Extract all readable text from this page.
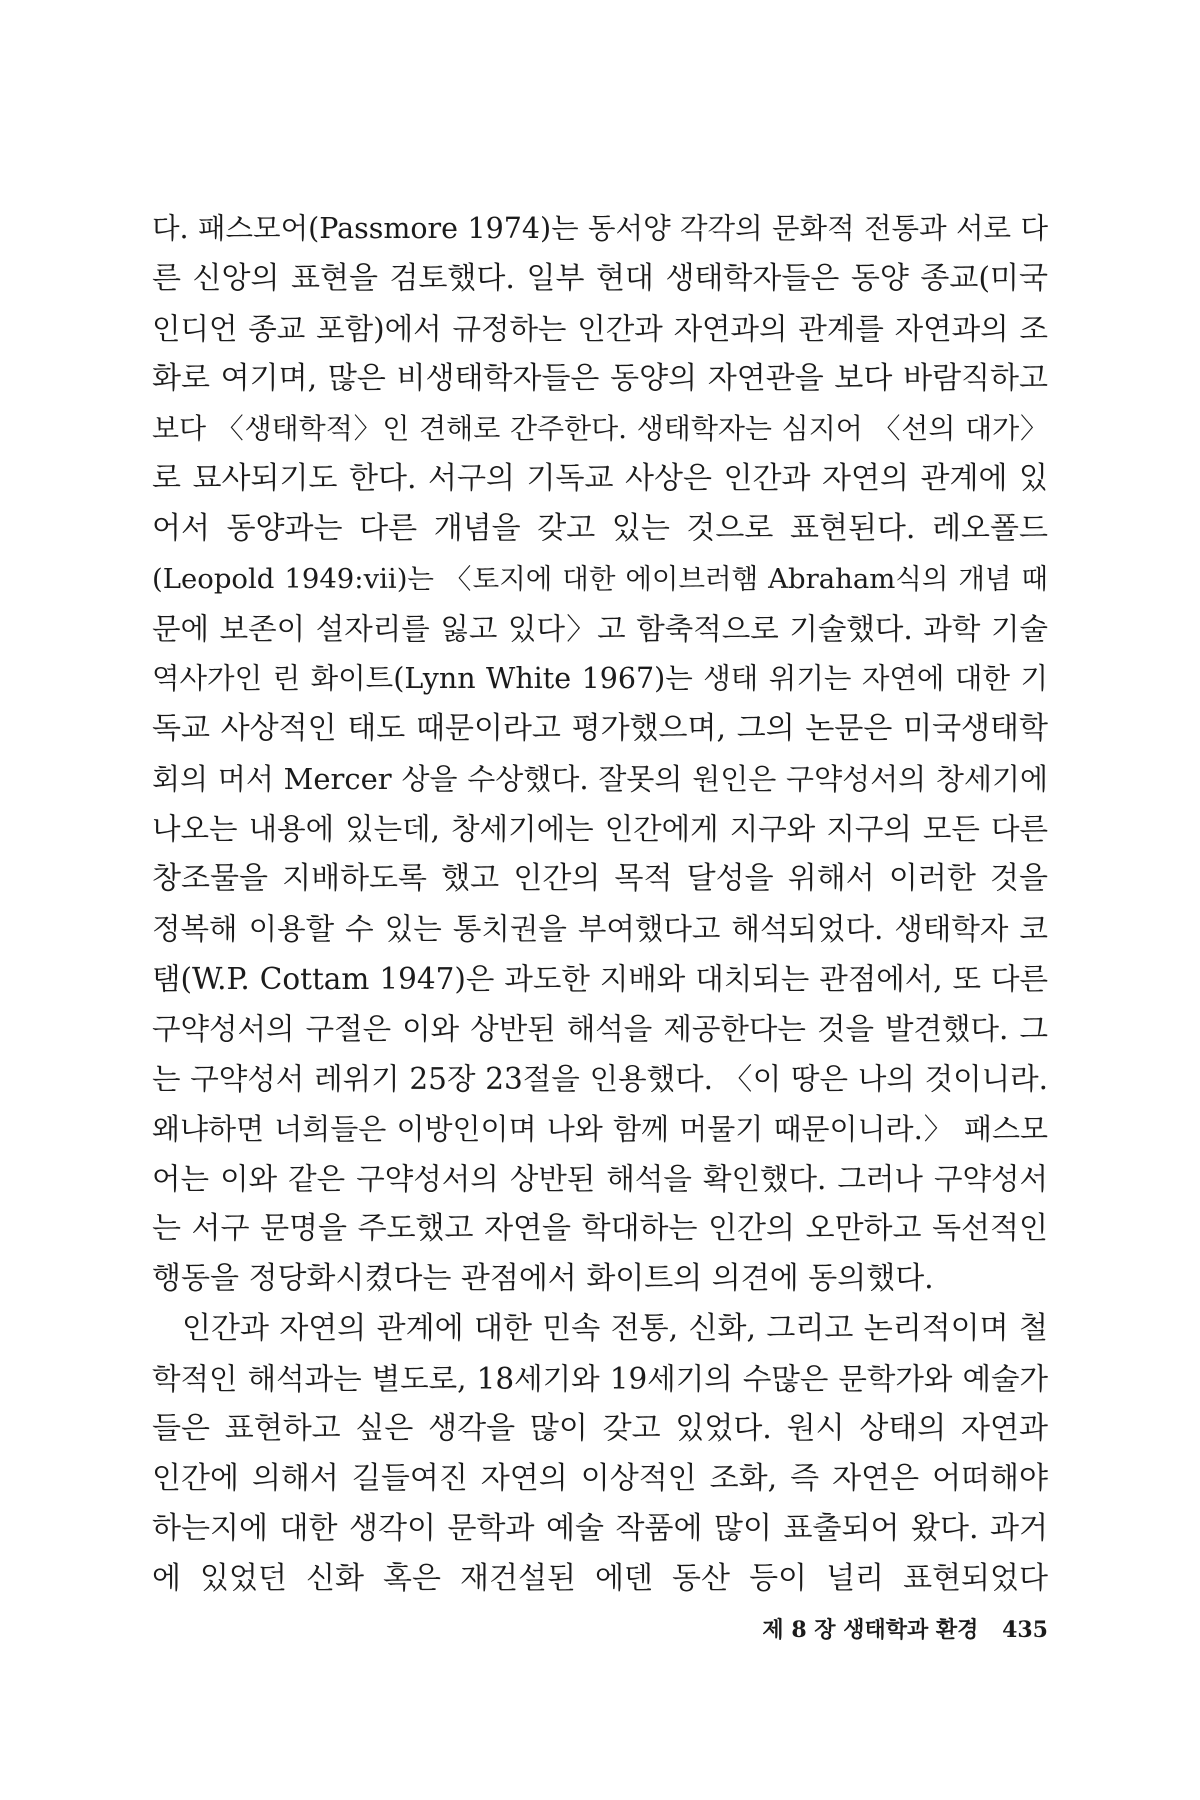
다. 패스모어(Passmore 1974)는 동서양 각각의 문화적 전통과 서로 다
른 신앙의 표현을 검토했다. 일부 현대 생태학자들은 동양 종교(미국
인디언 종교 포함)에서 규정하는 인간과 자연과의 관계를 자연과의 조
화로 여기며, 많은 비생태학자들은 동양의 자연관을 보다 바람직하고
보다 〈생태학적〉인 견해로 간주한다. 생태학자는 심지어 〈선의 대가〉
로 묘사되기도 한다. 서구의 기독교 사상은 인간과 자연의 관계에 있
어서 동양과는 다른 개념을 갖고 있는 것으로 표현된다. 레오폴드
(Leopold 1949:vii)는 〈토지에 대한 에이브러햄 Abraham식의 개념 때
문에 보존이 설자리를 잃고 있다〉고 함축적으로 기술했다. 과학 기술
역사가인 린 화이트(Lynn White 1967)는 생태 위기는 자연에 대한 기
독교 사상적인 태도 때문이라고 평가했으며, 그의 논문은 미국생태학
회의 머서 Mercer 상을 수상했다. 잘못의 원인은 구약성서의 창세기에
나오는 내용에 있는데, 창세기에는 인간에게 지구와 지구의 모든 다른
창조물을 지배하도록 했고 인간의 목적 달성을 위해서 이러한 것을
정복해 이용할 수 있는 통치권을 부여했다고 해석되었다. 생태학자 코
탬(W.P. Cottam 1947)은 과도한 지배와 대치되는 관점에서, 또 다른
구약성서의 구절은 이와 상반된 해석을 제공한다는 것을 발견했다. 그
는 구약성서 레위기 25장 23절을 인용했다. 〈이 땅은 나의 것이니라.
왜냐하면 너희들은 이방인이며 나와 함께 머물기 때문이니라.〉 패스모
어는 이와 같은 구약성서의 상반된 해석을 확인했다. 그러나 구약성서
는 서구 문명을 주도했고 자연을 학대하는 인간의 오만하고 독선적인
행동을 정당화시켰다는 관점에서 화이트의 의견에 동의했다.
인간과 자연의 관계에 대한 민속 전통, 신화, 그리고 논리적이며 철
학적인 해석과는 별도로, 18세기와 19세기의 수많은 문학가와 예술가
들은 표현하고 싶은 생각을 많이 갖고 있었다. 원시 상태의 자연과
인간에 의해서 길들여진 자연의 이상적인 조화, 즉 자연은 어떠해야
하는지에 대한 생각이 문학과 예술 작품에 많이 표출되어 왔다. 과거
에 있었던 신화 혹은 재건설된 에덴 동산 등이 널리 표현되었다
제 8 장 생태학과 환경 435
